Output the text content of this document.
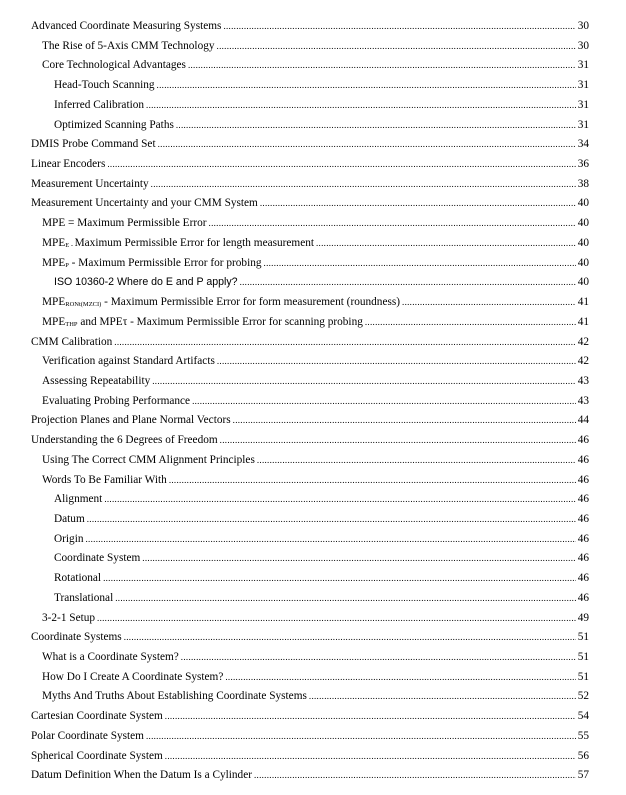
Advanced Coordinate Measuring Systems .....	30
The Rise of 5-Axis CMM Technology .....	30
Core Technological Advantages .....	31
Head-Touch Scanning .....	31
Inferred Calibration .....	31
Optimized Scanning Paths .....	31
DMIS Probe Command Set .....	34
Linear Encoders .....	36
Measurement Uncertainty .....	38
Measurement Uncertainty and your CMM System .....	40
MPE = Maximum Permissible Error .....	40
$MPE_{E -}$ Maximum Permissible Error for length measurement .....	40
$MPE_P$ - Maximum Permissible Error for probing .....	40
ISO 10360-2 Where do E and P apply? .....	40
$MPE_{RONt(MZCI)}$ - Maximum Permissible Error for form measurement (roundness) .....	41
$MPE_{THP}$ and MPEτ - Maximum Permissible Error for scanning probing .....	41
CMM Calibration .....	42
Verification against Standard Artifacts .....	42
Assessing Repeatability .....	43
Evaluating Probing Performance .....	43
Projection Planes and Plane Normal Vectors .....	44
Understanding the 6 Degrees of Freedom .....	46
Using The Correct CMM Alignment Principles .....	46
Words To Be Familiar With .....	46
Alignment .....	46
Datum .....	46
Origin .....	46
Coordinate System .....	46
Rotational .....	46
Translational .....	46
3-2-1 Setup .....	49
Coordinate Systems .....	51
What is a Coordinate System? .....	51
How Do I Create A Coordinate System? .....	51
Myths And Truths About Establishing Coordinate Systems .....	52
Cartesian Coordinate System .....	54
Polar Coordinate System .....	55
Spherical Coordinate System .....	56
Datum Definition When the Datum Is a Cylinder .....	57
